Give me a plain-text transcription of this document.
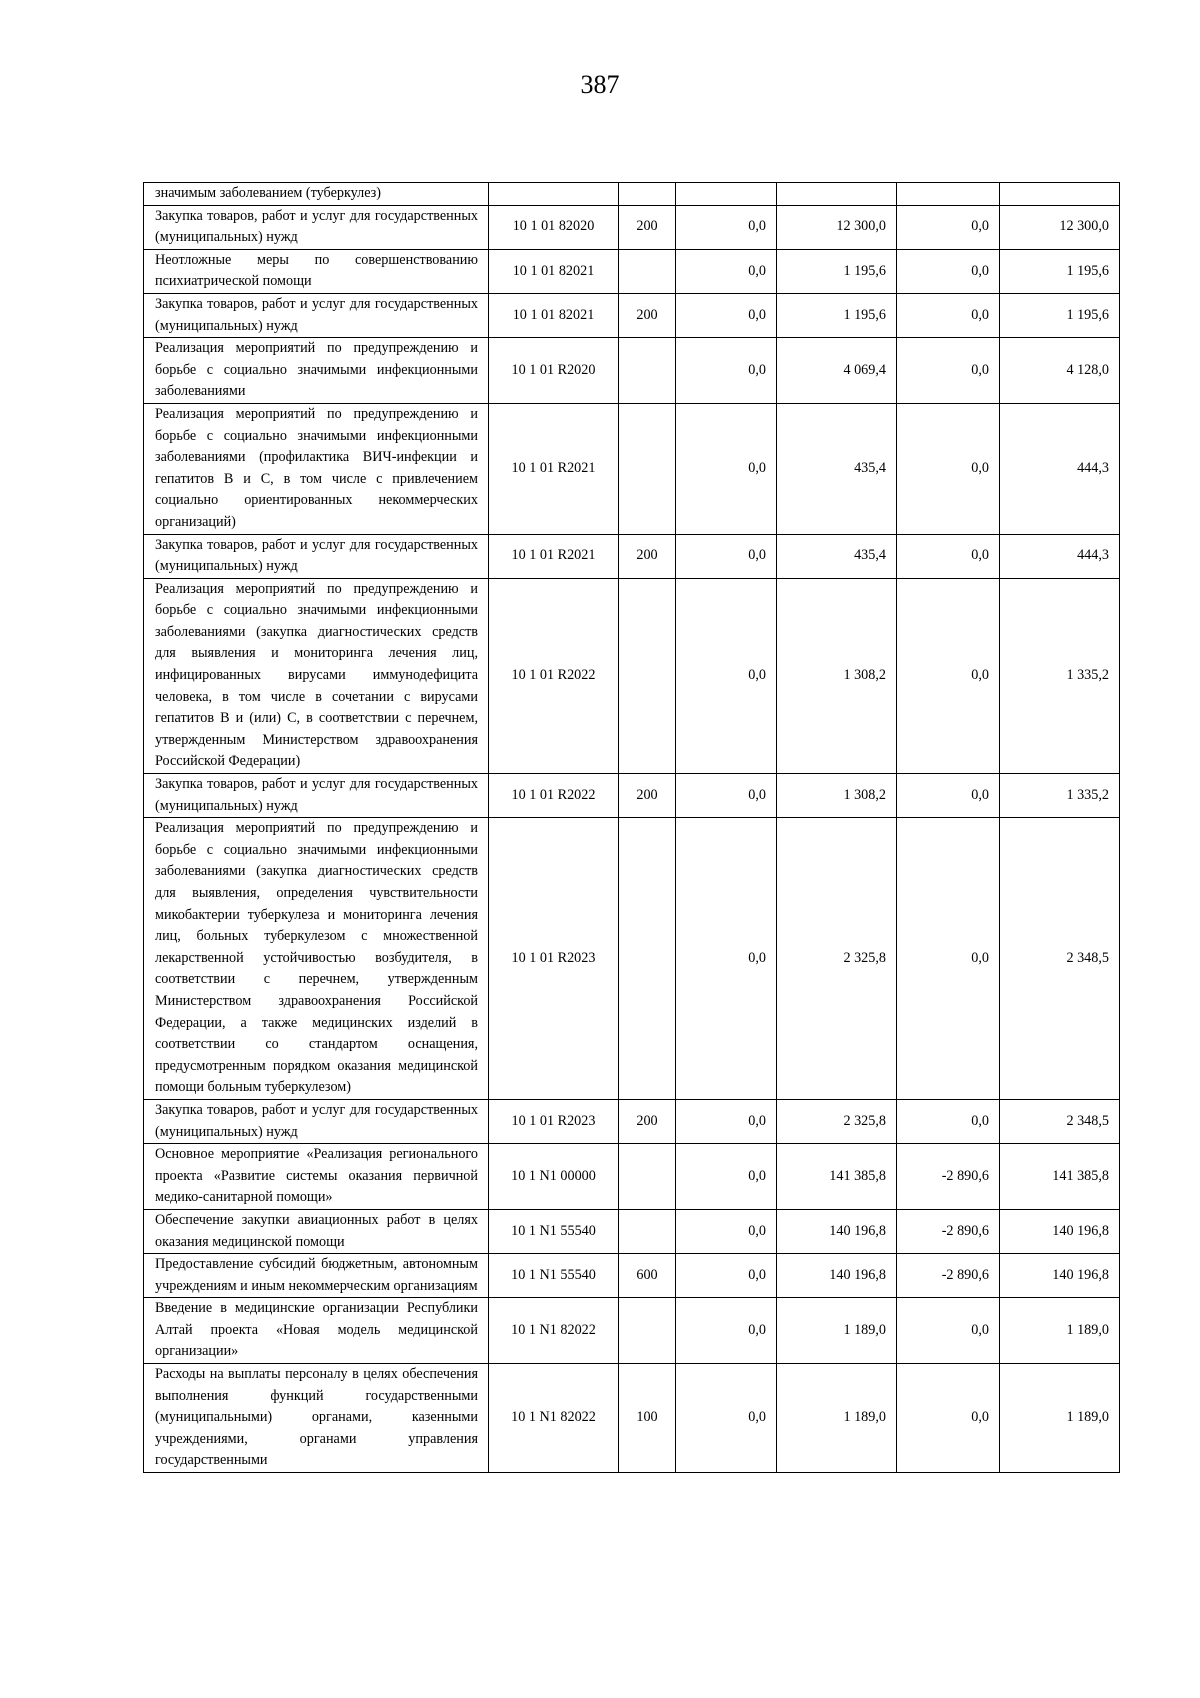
387
значимым заболеванием (туберкулез)						
Закупка товаров, работ и услуг для государственных (муниципальных) нужд	10 1 01 82020	200	0,0	12 300,0	0,0	12 300,0
Неотложные меры по совершенствованию психиатрической помощи	10 1 01 82021		0,0	1 195,6	0,0	1 195,6
Закупка товаров, работ и услуг для государственных (муниципальных) нужд	10 1 01 82021	200	0,0	1 195,6	0,0	1 195,6
Реализация мероприятий по предупреждению и борьбе с социально значимыми инфекционными заболеваниями	10 1 01 R2020		0,0	4 069,4	0,0	4 128,0
Реализация мероприятий по предупреждению и борьбе с социально значимыми инфекционными заболеваниями (профилактика ВИЧ-инфекции и гепатитов B и C, в том числе с привлечением социально ориентированных некоммерческих организаций)	10 1 01 R2021		0,0	435,4	0,0	444,3
Закупка товаров, работ и услуг для государственных (муниципальных) нужд	10 1 01 R2021	200	0,0	435,4	0,0	444,3
Реализация мероприятий по предупреждению и борьбе с социально значимыми инфекционными заболеваниями (закупка диагностических средств для выявления и мониторинга лечения лиц, инфицированных вирусами иммунодефицита человека, в том числе в сочетании с вирусами гепатитов B и (или) C, в соответствии с перечнем, утвержденным Министерством здравоохранения Российской Федерации)	10 1 01 R2022		0,0	1 308,2	0,0	1 335,2
Закупка товаров, работ и услуг для государственных (муниципальных) нужд	10 1 01 R2022	200	0,0	1 308,2	0,0	1 335,2
Реализация мероприятий по предупреждению и борьбе с социально значимыми инфекционными заболеваниями (закупка диагностических средств для выявления, определения чувствительности микобактерии туберкулеза и мониторинга лечения лиц, больных туберкулезом с множественной лекарственной устойчивостью возбудителя, в соответствии с перечнем, утвержденным Министерством здравоохранения Российской Федерации, а также медицинских изделий в соответствии со стандартом оснащения, предусмотренным порядком оказания медицинской помощи больным туберкулезом)	10 1 01 R2023		0,0	2 325,8	0,0	2 348,5
Закупка товаров, работ и услуг для государственных (муниципальных) нужд	10 1 01 R2023	200	0,0	2 325,8	0,0	2 348,5
Основное мероприятие «Реализация регионального проекта «Развитие системы оказания первичной медико-санитарной помощи»	10 1 N1 00000		0,0	141 385,8	-2 890,6	141 385,8
Обеспечение закупки авиационных работ в целях оказания медицинской помощи	10 1 N1 55540		0,0	140 196,8	-2 890,6	140 196,8
Предоставление субсидий бюджетным, автономным учреждениям и иным некоммерческим организациям	10 1 N1 55540	600	0,0	140 196,8	-2 890,6	140 196,8
Введение в медицинские организации Республики Алтай проекта «Новая модель медицинской организации»	10 1 N1 82022		0,0	1 189,0	0,0	1 189,0
Расходы на выплаты персоналу в целях обеспечения выполнения функций государственными (муниципальными) органами, казенными учреждениями, органами управления государственными	10 1 N1 82022	100	0,0	1 189,0	0,0	1 189,0
